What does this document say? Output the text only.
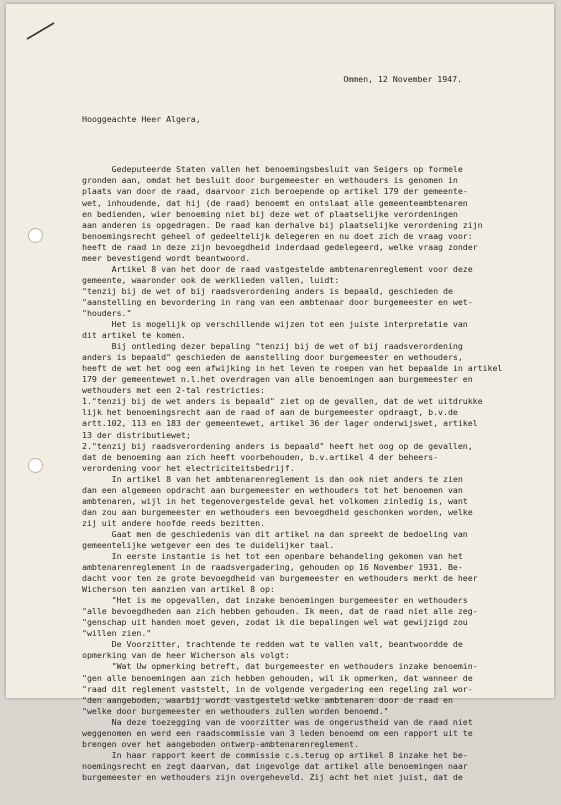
Ommen, 12 November 1947.

Hooggeachte Heer Algera,

Gedeputeerde Staten vallen het benoemingsbesluit van Seigers op formele
gronden aan, omdat het besluit door burgemeester en wethouders is genomen in
plaats van door de raad, daarvoor zich beroepende op artikel 179 der gemeente-
wet, inhoudende, dat hij (de raad) benoemt en ontslaat alle gemeenteambtenaren
en bedienden, wier benoeming niet bij deze wet of plaatselijke verordeningen
aan anderen is opgedragen. De raad kan derhalve bij plaatselijke verordening zijn
benoemingsrecht geheel of gedeeltelijk delegeren en nu doet zich de vraag voor:
heeft de raad in deze zijn bevoegdheid inderdaad gedelegeerd, welke vraag zonder
meer bevestigend wordt beantwoord.
Artikel 8 van het door de raad vastgestelde ambtenarenreglement voor deze
gemeente, waaronder ook de werklieden vallen, luidt:
"tenzij bij de wet of bij raadsverordening anders is bepaald, geschieden de
"aanstelling en bevordering in rang van een ambtenaar door burgemeester en wet-
"houders."
Het is mogelijk op verschillende wijzen tot een juiste interpretatie van
dit artikel te komen.
Bij ontleding dezer bepaling "tenzij bij de wet of bij raadsverordening
anders is bepaald" geschieden de aanstelling door burgemeester en wethouders,
heeft de wet het oog een afwijking in het leven te roepen van het bepaalde in artikel
179 der gemeentewet n.l.het overdragen van alle benoemingen aan burgemeester en
wethouders met een 2-tal restricties:
1."tenzij bij de wet anders is bepaald" ziet op de gevallen, dat de wet uitdrukke
lijk het benoemingsrecht aan de raad of aan de burgemeester opdraagt, b.v.de
artt.102, 113 en 183 der gemeentewet, artikel 36 der lager onderwijswet, artikel
13 der distributiewet;
2."tenzij bij raadsverordening anders is bepaald" heeft het oog op de gevallen,
dat de benoeming aan zich heeft voorbehouden, b.v.artikel 4 der beheers-
verordening voor het electriciteitsbedrijf.
In artikel 8 van het ambtenarenreglement is dan ook niet anders te zien
dan een algemeen opdracht aan burgemeester en wethouders tot het benoemen van
ambtenaren, wijl in het tegenovergestelde geval het volkomen zinledig is, want
dan zou aan burgemeester en wethouders een bevoegdheid geschonken worden, welke
zij uit andere hoofde reeds bezitten.
Gaat men de geschiedenis van dit artikel na dan spreekt de bedoeling van
gemeentelijke wetgever een des te duidelijker taal.
In eerste instantie is het tot een openbare behandeling gekomen van het
ambtenarenreglement in de raadsvergadering, gehouden op 16 November 1931. Be-
dacht voor ten ze grote bevoegdheid van burgemeester en wethouders merkt de heer
Wicherson ten aanzien van artikel 8 op:
"Het is me opgevallen, dat inzake benoemingen burgemeester en wethouders
"alle bevoegdheden aan zich hebben gehouden. Ik meen, dat de raad niet alle zeg-
"genschap uit handen moet geven, zodat ik die bepalingen wel wat gewijzigd zou
"willen zien."
De Voorzitter, trachtende te redden wat te vallen valt, beantwoordde de
opmerking van de heer Wicherson als volgt:
"Wat Uw opmerking betreft, dat burgemeester en wethouders inzake benoemin-
"gen alle benoemingen aan zich hebben gehouden, wil ik opmerken, dat wanneer de
"raad dit reglement vaststelt, in de volgende vergadering een regeling zal wor-
"den aangeboden, waarbij wordt vastgesteld welke ambtenaren door de raad en
"welke door burgemeester en wethouders zullen worden benoemd."
Na deze toezegging van de voorzitter was de ongerustheid van de raad niet
weggenomen en werd een raadscommissie van 3 leden benoemd om een rapport uit te
brengen over het aangeboden ontwerp-ambtenarenreglement.
In haar rapport keert de commissie c.s.terug op artikel 8 inzake het be-
noemingsrecht en zegt daarvan, dat ingevolge dat artikel alle benoemingen naar
burgemeester en wethouders zijn overgeheveld. Zij acht het niet juist, dat de
